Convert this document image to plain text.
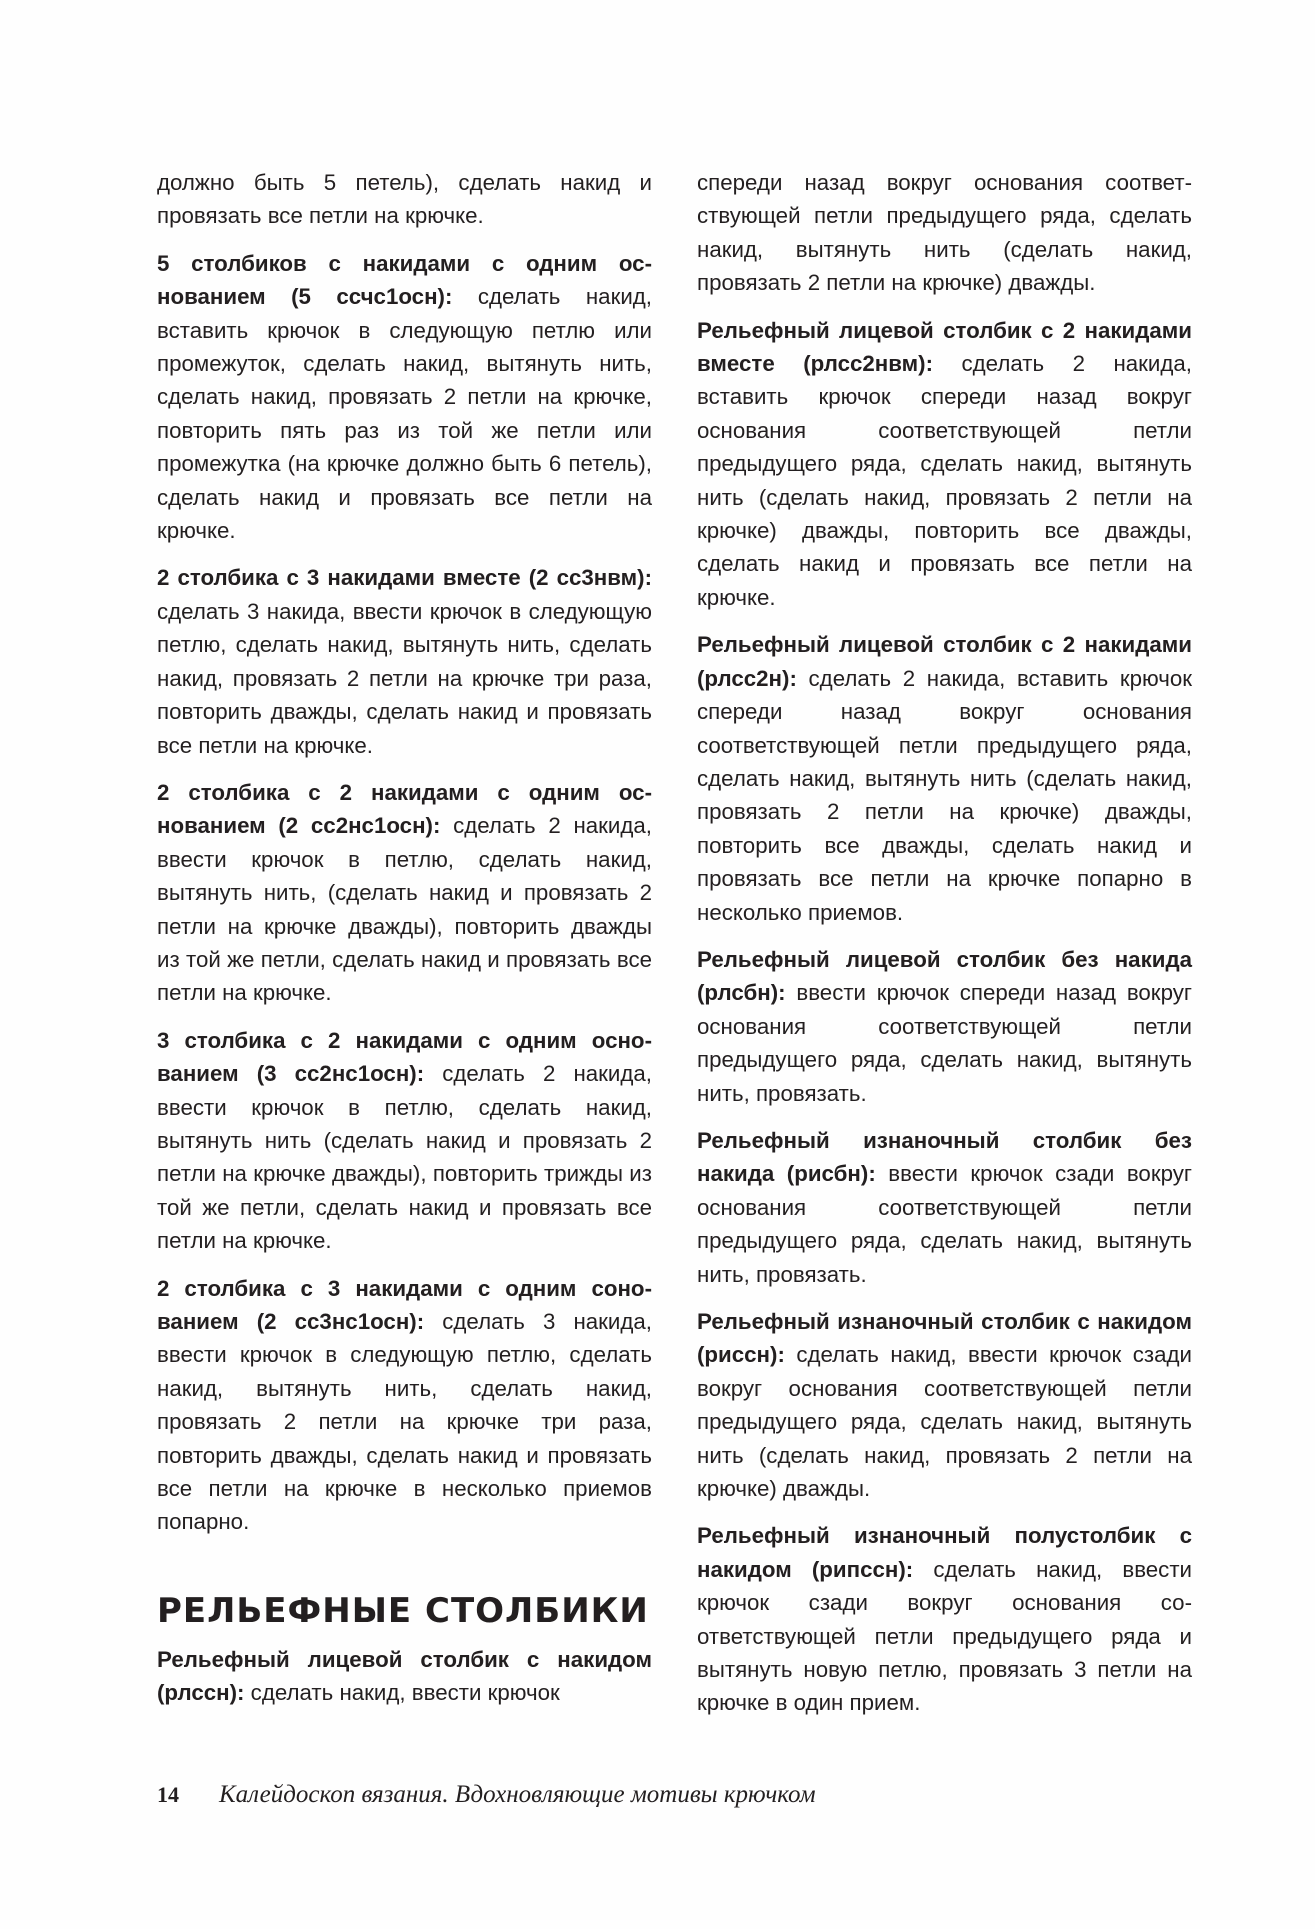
должно быть 5 петель), сделать накид и провязать все петли на крючке.

5 столбиков с накидами с одним основанием (5 ссчс1осн): сделать накид, вставить крючок в следующую петлю или промежуток, сделать накид, вытянуть нить, сделать накид, провязать 2 петли на крючке, повторить пять раз из той же петли или промежутка (на крючке должно быть 6 петель), сделать накид и провязать все петли на крючке.

2 столбика с 3 накидами вместе (2 сс3нвм): сделать 3 накида, ввести крючок в следующую петлю, сделать накид, вытянуть нить, сделать накид, провязать 2 петли на крючке три раза, повторить дважды, сделать накид и провязать все петли на крючке.

2 столбика с 2 накидами с одним основанием (2 сс2нс1осн): сделать 2 накида, ввести крючок в петлю, сделать накид, вытянуть нить, (сделать накид и провязать 2 петли на крючке дважды), повторить дважды из той же петли, сделать накид и провязать все петли на крючке.

3 столбика с 2 накидами с одним основанием (3 сс2нс1осн): сделать 2 накида, ввести крючок в петлю, сделать накид, вытянуть нить (сделать накид и провязать 2 петли на крючке дважды), повторить трижды из той же петли, сделать накид и провязать все петли на крючке.

2 столбика с 3 накидами с одним сонованием (2 сс3нс1осн): сделать 3 накида, ввести крючок в следующую петлю, сделать накид, вытянуть нить, сделать накид, провязать 2 петли на крючке три раза, повторить дважды, сделать накид и провязать все петли на крючке в несколько приемов попарно.

РЕЛЬЕФНЫЕ СТОЛБИКИ

Рельефный лицевой столбик с накидом (рлссн): сделать накид, ввести крючок

спереди назад вокруг основания соответствующей петли предыдущего ряда, сделать накид, вытянуть нить (сделать накид, провязать 2 петли на крючке) дважды.

Рельефный лицевой столбик с 2 накидами вместе (рлсс2нвм): сделать 2 накида, вставить крючок спереди назад вокруг основания соответствующей петли предыдущего ряда, сделать накид, вытянуть нить (сделать накид, провязать 2 петли на крючке) дважды, повторить все дважды, сделать накид и провязать все петли на крючке.

Рельефный лицевой столбик с 2 накидами (рлсс2н): сделать 2 накида, вставить крючок спереди назад вокруг основания соответствующей петли предыдущего ряда, сделать накид, вытянуть нить (сделать накид, провязать 2 петли на крючке) дважды, повторить все дважды, сделать накид и провязать все петли на крючке попарно в несколько приемов.

Рельефный лицевой столбик без накида (рлсбн): ввести крючок спереди назад вокруг основания соответствующей петли предыдущего ряда, сделать накид, вытянуть нить, провязать.

Рельефный изнаночный столбик без накида (рисбн): ввести крючок сзади вокруг основания соответствующей петли предыдущего ряда, сделать накид, вытянуть нить, провязать.

Рельефный изнаночный столбик с накидом (риссн): сделать накид, ввести крючок сзади вокруг основания соответствующей петли предыдущего ряда, сделать накид, вытянуть нить (сделать накид, провязать 2 петли на крючке) дважды.

Рельефный изнаночный полустолбик с накидом (рипссн): сделать накид, ввести крючок сзади вокруг основания соответствующей петли предыдущего ряда и вытянуть новую петлю, провязать 3 петли на крючке в один прием.

14 Калейдоскоп вязания. Вдохновляющие мотивы крючком
